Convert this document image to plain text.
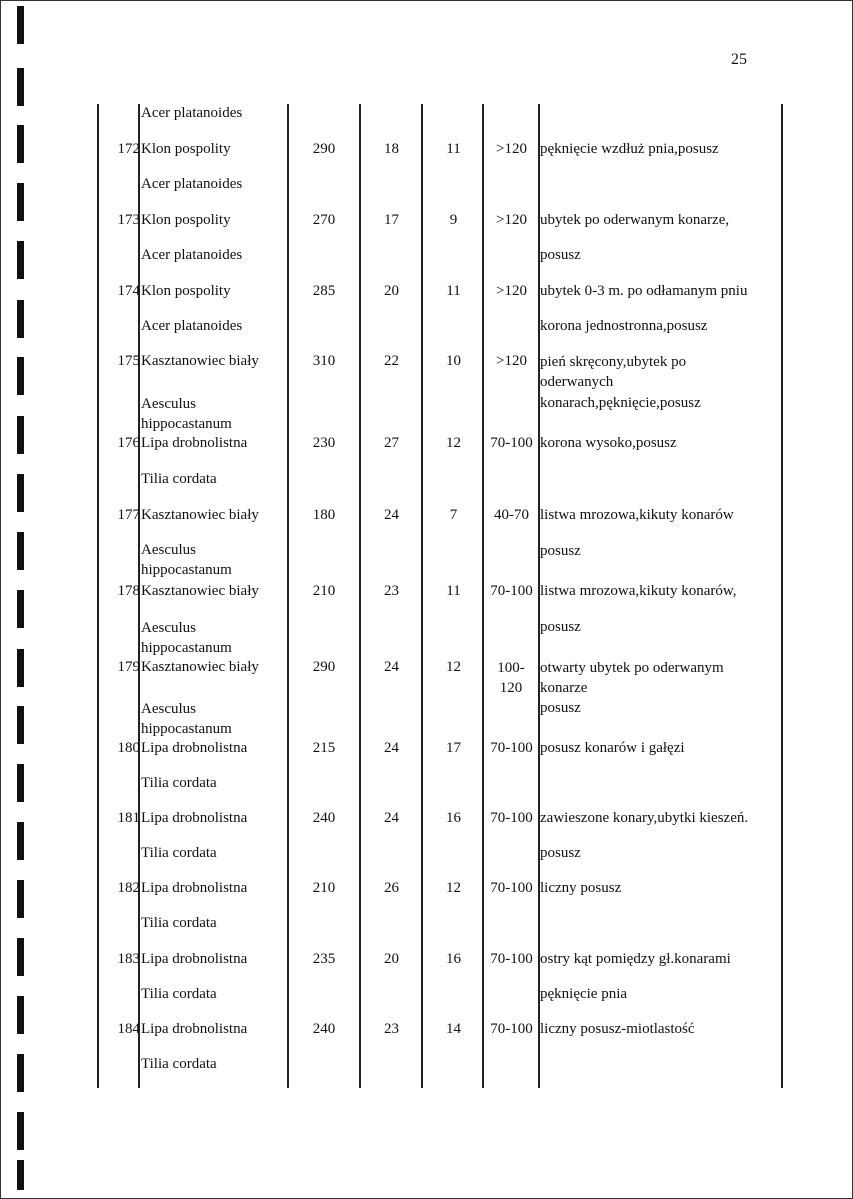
25
Acer platanoides
172 Klon pospolity	290	18	11	>120 pęknięcie wzdłuż pnia,posusz
Acer platanoides
173 Klon pospolity	270	17	9	>120 ubytek po oderwanym konarze,
Acer platanoides	posusz
174 Klon pospolity	285	20	11	>120 ubytek 0-3 m. po odłamanym pniu
Acer platanoides	korona jednostronna,posusz
175 Kasztanowiec biały	310	22	10	>120 pień skręcony,ubytek po oderwanych
Aesculus hippocastanum
konarach,pęknięcie,posusz
176 Lipa drobnolistna	230	27	12	70-100 korona wysoko,posusz
Tilia cordata
177 Kasztanowiec biały	180	24	7	40-70 listwa mrozowa,kikuty konarów
Aesculus hippocastanum
posusz
178 Kasztanowiec biały	210	23	11	70-100 listwa mrozowa,kikuty konarów,
Aesculus hippocastanum
posusz
179 Kasztanowiec biały	290	24	12	100-120
otwarty ubytek po oderwanym konarze
Aesculus hippocastanum
posusz
180 Lipa drobnolistna	215	24	17	70-100 posusz konarów i gałęzi
Tilia cordata
181 Lipa drobnolistna	240	24	16	70-100 zawieszone konary,ubytki kieszeń.
Tilia cordata	posusz
182 Lipa drobnolistna	210	26	12	70-100 liczny posusz
Tilia cordata
183 Lipa drobnolistna	235	20	16	70-100 ostry kąt pomiędzy gł.konarami
Tilia cordata	pęknięcie pnia
184 Lipa drobnolistna	240	23	14	70-100 liczny posusz-miotlastość
Tilia cordata
